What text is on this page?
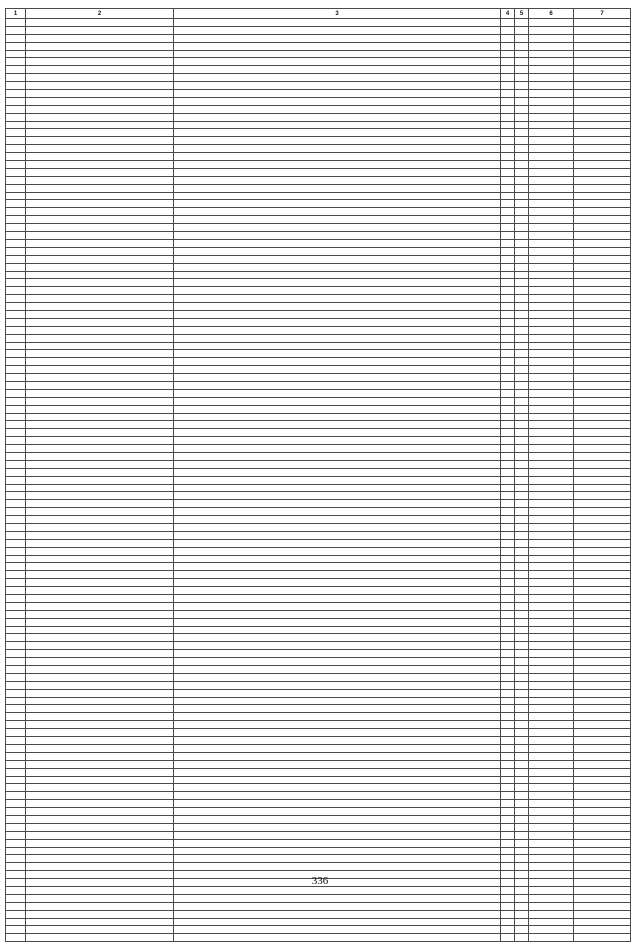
1	2	3	4	5	6	7

336
